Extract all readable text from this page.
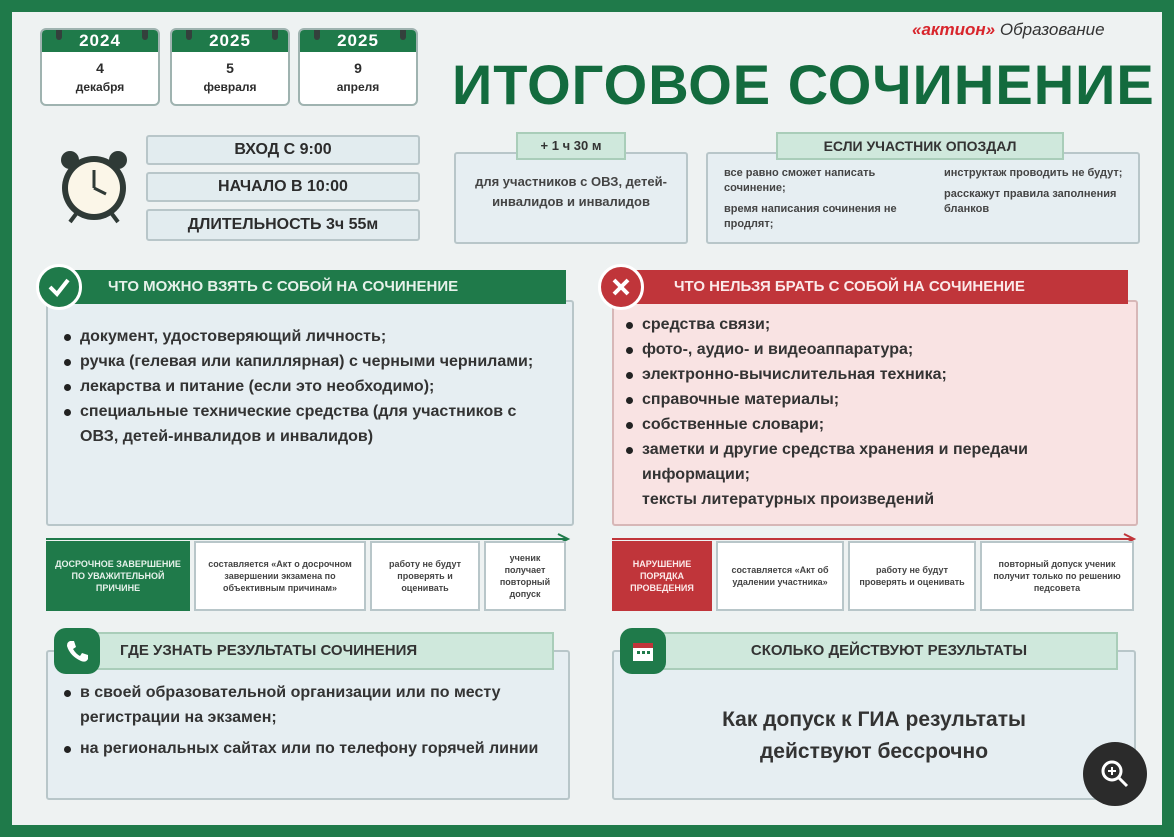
2024
4
декабря
2025
5
февраля
2025
9
апреля
«актион» Образование
ИТОГОВОЕ СОЧИНЕНИЕ
ВХОД С 9:00
НАЧАЛО В 10:00
ДЛИТЕЛЬНОСТЬ 3ч 55м
для участников с ОВЗ, детей-инвалидов и инвалидов
+ 1 ч 30 м
все равно сможет написать сочинение;
время написания сочинения не продлят;
инструктаж проводить не будут;
расскажут правила заполнения бланков
ЕСЛИ УЧАСТНИК ОПОЗДАЛ
документ, удостоверяющий личность;
ручка (гелевая или капиллярная) с черными чернилами;
лекарства и питание (если это необходимо);
специальные технические средства (для участников с ОВЗ, детей-инвалидов и инвалидов)
ЧТО МОЖНО ВЗЯТЬ С СОБОЙ НА СОЧИНЕНИЕ
средства связи;
фото-, аудио- и видеоаппаратура;
электронно-вычислительная техника;
справочные материалы;
собственные словари;
заметки и другие средства хранения и передачи информации;
тексты литературных произведений
ЧТО НЕЛЬЗЯ БРАТЬ С СОБОЙ НА СОЧИНЕНИЕ
ДОСРОЧНОЕ ЗАВЕРШЕНИЕ ПО УВАЖИТЕЛЬНОЙ ПРИЧИНЕ
составляется «Акт о досрочном завершении экзамена по объективным причинам»
работу не будут проверять и оценивать
ученик получает повторный допуск
НАРУШЕНИЕ ПОРЯДКА ПРОВЕДЕНИЯ
составляется «Акт об удалении участника»
работу не будут проверять и оценивать
повторный допуск ученик получит только по решению педсовета
в своей образовательной организации или по месту регистрации на экзамен;
на региональных сайтах или по телефону горячей линии
ГДЕ УЗНАТЬ РЕЗУЛЬТАТЫ СОЧИНЕНИЯ
Как допуск к ГИА результаты действуют бессрочно
СКОЛЬКО ДЕЙСТВУЮТ РЕЗУЛЬТАТЫ
